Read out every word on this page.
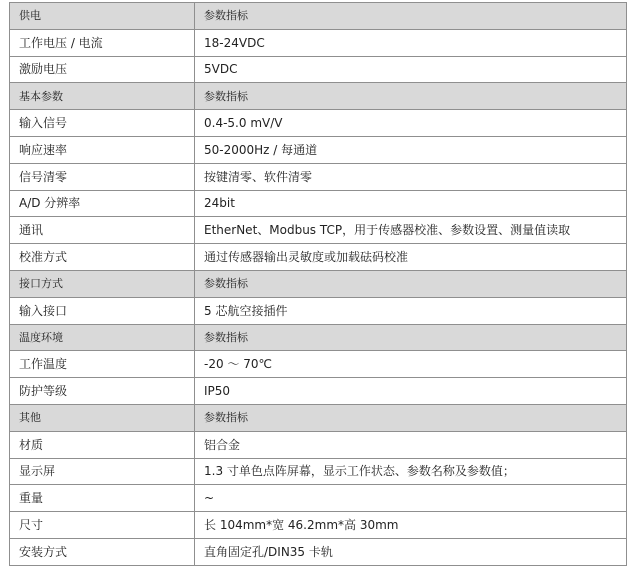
供电	参数指标
工作电压 / 电流	18-24VDC
激励电压	5VDC
基本参数	参数指标
输入信号	0.4-5.0 mV/V
响应速率	50-2000Hz / 每通道
信号清零	按键清零、软件清零
A/D 分辨率	24bit
通讯	EtherNet、Modbus TCP，用于传感器校准、参数设置、测量值读取
校准方式	通过传感器输出灵敏度或加载砝码校准
接口方式	参数指标
输入接口	5 芯航空接插件
温度环境	参数指标
工作温度	-20 ～ 70℃
防护等级	IP50
其他	参数指标
材质	铝合金
显示屏	1.3 寸单色点阵屏幕，显示工作状态、参数名称及参数值；
重量	~
尺寸	长 104mm*宽 46.2mm*高 30mm
安装方式	直角固定孔/DIN35 卡轨
